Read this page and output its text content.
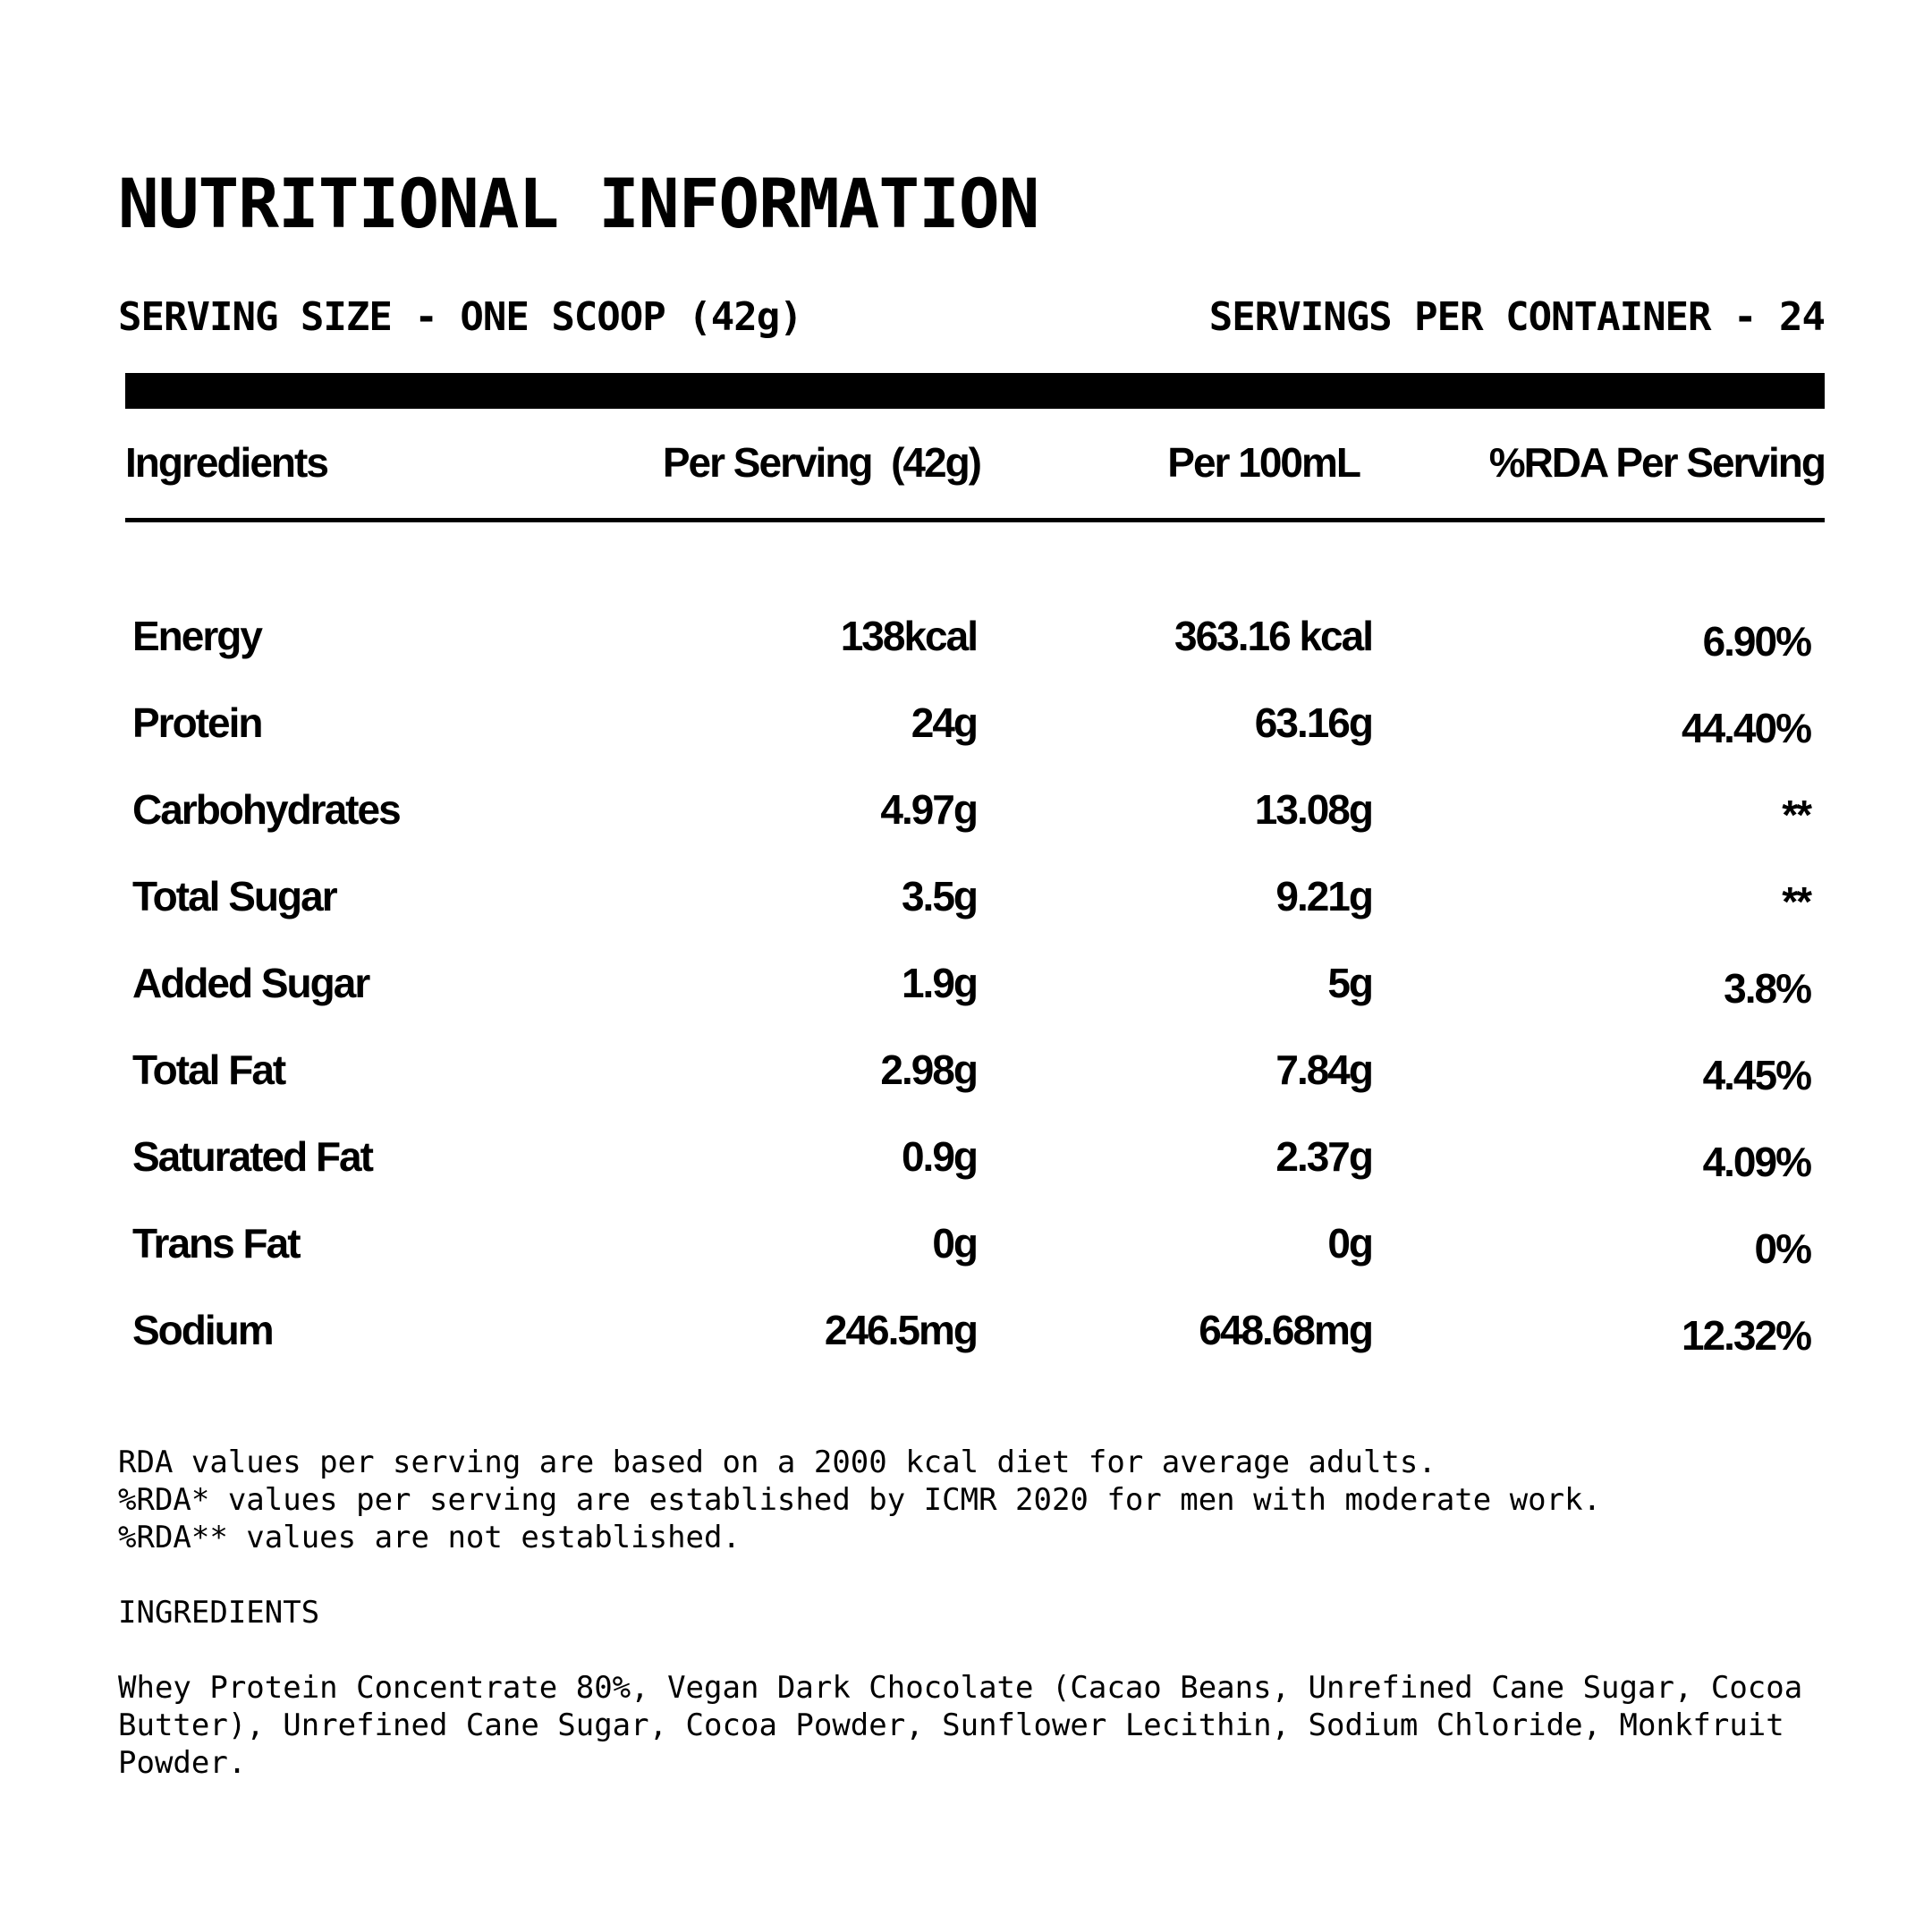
NUTRITIONAL INFORMATION
SERVING SIZE - ONE SCOOP (42g)	SERVINGS PER CONTAINER - 24
Ingredients	Per Serving  (42g)	Per 100mL	%RDA Per Serving
Energy	138kcal	363.16 kcal	6.90%
Protein	24g	63.16g	44.40%
Carbohydrates	4.97g	13.08g	**
Total Sugar	3.5g	9.21g	**
Added Sugar	1.9g	5g	3.8%
Total Fat	2.98g	7.84g	4.45%
Saturated Fat	0.9g	2.37g	4.09%
Trans Fat	0g	0g	0%
Sodium	246.5mg	648.68mg	12.32%
RDA values per serving are based on a 2000 kcal diet for average adults.
%RDA* values per serving are established by ICMR 2020 for men with moderate work.
%RDA** values are not established.
INGREDIENTS
Whey Protein Concentrate 80%, Vegan Dark Chocolate (Cacao Beans, Unrefined Cane Sugar, Cocoa
Butter), Unrefined Cane Sugar, Cocoa Powder, Sunflower Lecithin, Sodium Chloride, Monkfruit
Powder.
